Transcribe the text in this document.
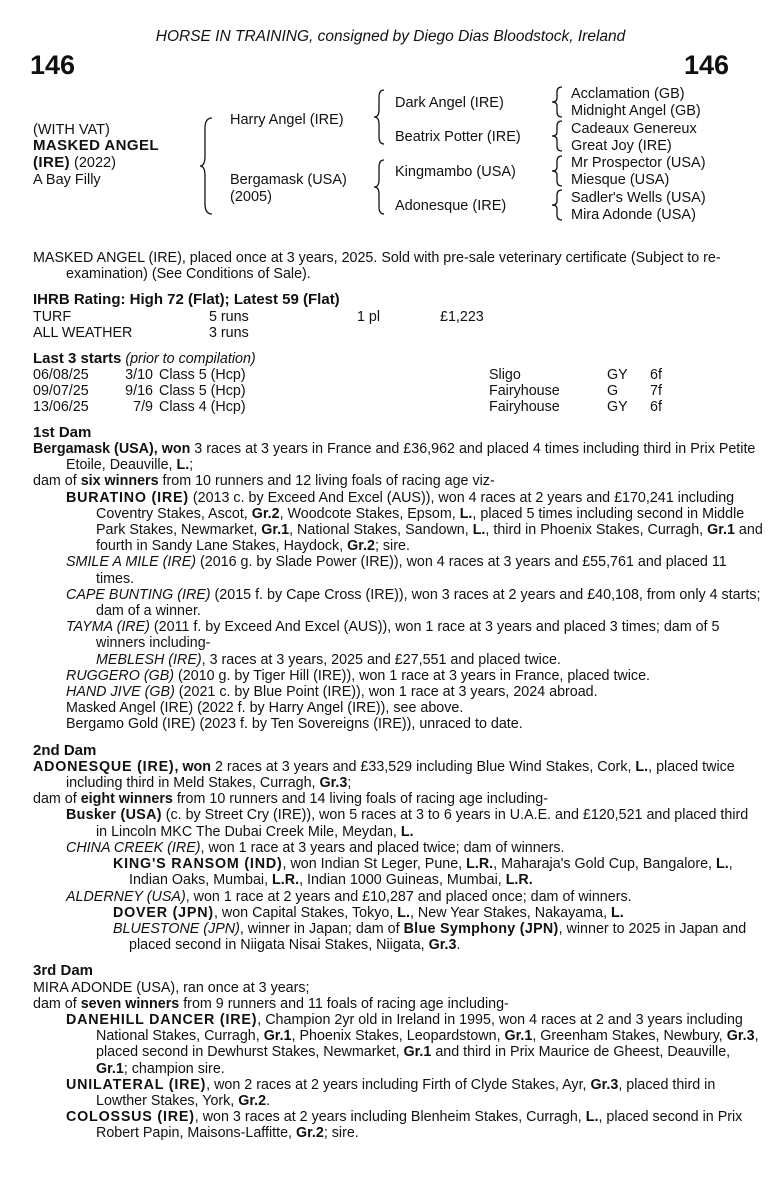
HORSE IN TRAINING, consigned by Diego Dias Bloodstock, Ireland
146	146
(WITH VAT)
MASKED ANGEL
(IRE) (2022)
A Bay Filly
Harry Angel (IRE)
Bergamask (USA)
(2005)
Dark Angel (IRE)
Beatrix Potter (IRE)
Kingmambo (USA)
Adonesque (IRE)
Acclamation (GB)
Midnight Angel (GB)
Cadeaux Genereux
Great Joy (IRE)
Mr Prospector (USA)
Miesque (USA)
Sadler's Wells (USA)
Mira Adonde (USA)

MASKED ANGEL (IRE), placed once at 3 years, 2025. Sold with pre-sale veterinary certificate (Subject to re-examination) (See Conditions of Sale).

IHRB Rating: High 72 (Flat); Latest 59 (Flat)

TURF	5 runs	1 pl	£1,223
ALL WEATHER	3 runs		

Last 3 starts (prior to compilation)

06/08/25	3/10	Class 5 (Hcp)	Sligo	GY	6f
09/07/25	9/16	Class 5 (Hcp)	Fairyhouse	G	7f
13/06/25	7/9	Class 4 (Hcp)	Fairyhouse	GY	6f

1st Dam

Bergamask (USA), won 3 races at 3 years in France and £36,962 and placed 4 times including third in Prix Petite Etoile, Deauville, L.;

dam of six winners from 10 runners and 12 living foals of racing age viz-

BURATINO (IRE) (2013 c. by Exceed And Excel (AUS)), won 4 races at 2 years and £170,241 including Coventry Stakes, Ascot, Gr.2, Woodcote Stakes, Epsom, L., placed 5 times including second in Middle Park Stakes, Newmarket, Gr.1, National Stakes, Sandown, L., third in Phoenix Stakes, Curragh, Gr.1 and fourth in Sandy Lane Stakes, Haydock, Gr.2; sire.

SMILE A MILE (IRE) (2016 g. by Slade Power (IRE)), won 4 races at 3 years and £55,761 and placed 11 times.

CAPE BUNTING (IRE) (2015 f. by Cape Cross (IRE)), won 3 races at 2 years and £40,108, from only 4 starts; dam of a winner.

TAYMA (IRE) (2011 f. by Exceed And Excel (AUS)), won 1 race at 3 years and placed 3 times; dam of 5 winners including-

MEBLESH (IRE), 3 races at 3 years, 2025 and £27,551 and placed twice.

RUGGERO (GB) (2010 g. by Tiger Hill (IRE)), won 1 race at 3 years in France, placed twice.

HAND JIVE (GB) (2021 c. by Blue Point (IRE)), won 1 race at 3 years, 2024 abroad.

Masked Angel (IRE) (2022 f. by Harry Angel (IRE)), see above.

Bergamo Gold (IRE) (2023 f. by Ten Sovereigns (IRE)), unraced to date.

2nd Dam

ADONESQUE (IRE), won 2 races at 3 years and £33,529 including Blue Wind Stakes, Cork, L., placed twice including third in Meld Stakes, Curragh, Gr.3;

dam of eight winners from 10 runners and 14 living foals of racing age including-

Busker (USA) (c. by Street Cry (IRE)), won 5 races at 3 to 6 years in U.A.E. and £120,521 and placed third in Lincoln MKC The Dubai Creek Mile, Meydan, L.

CHINA CREEK (IRE), won 1 race at 3 years and placed twice; dam of winners.

KING'S RANSOM (IND), won Indian St Leger, Pune, L.R., Maharaja's Gold Cup, Bangalore, L., Indian Oaks, Mumbai, L.R., Indian 1000 Guineas, Mumbai, L.R.

ALDERNEY (USA), won 1 race at 2 years and £10,287 and placed once; dam of winners.

DOVER (JPN), won Capital Stakes, Tokyo, L., New Year Stakes, Nakayama, L.

BLUESTONE (JPN), winner in Japan; dam of Blue Symphony (JPN), winner to 2025 in Japan and placed second in Niigata Nisai Stakes, Niigata, Gr.3.

3rd Dam

MIRA ADONDE (USA), ran once at 3 years;

dam of seven winners from 9 runners and 11 foals of racing age including-

DANEHILL DANCER (IRE), Champion 2yr old in Ireland in 1995, won 4 races at 2 and 3 years including National Stakes, Curragh, Gr.1, Phoenix Stakes, Leopardstown, Gr.1, Greenham Stakes, Newbury, Gr.3, placed second in Dewhurst Stakes, Newmarket, Gr.1 and third in Prix Maurice de Gheest, Deauville, Gr.1; champion sire.

UNILATERAL (IRE), won 2 races at 2 years including Firth of Clyde Stakes, Ayr, Gr.3, placed third in Lowther Stakes, York, Gr.2.

COLOSSUS (IRE), won 3 races at 2 years including Blenheim Stakes, Curragh, L., placed second in Prix Robert Papin, Maisons-Laffitte, Gr.2; sire.
